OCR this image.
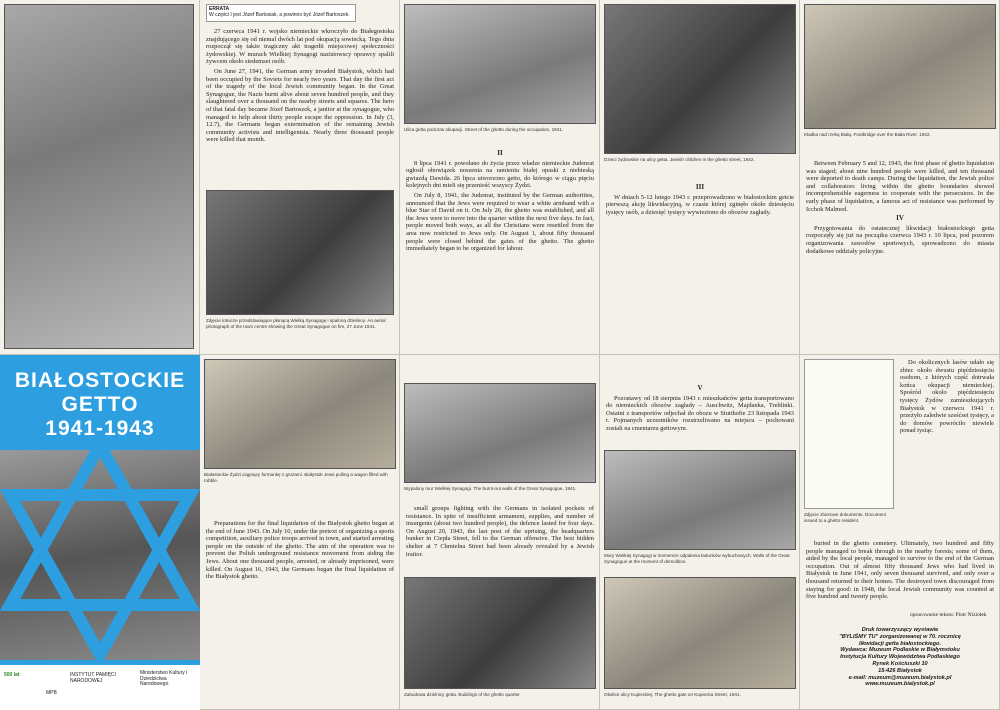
BIAŁOSTOCKIE
GETTO
1941-1943
500 lat	INSTYTUT PAMIĘCI NARODOWEJ
Ministerstwo Kultury i Dziedzictwa Narodowego
MPB

27 czerwca 1941 r. wojsko niemieckie wkroczyło do Białegostoku znajdującego się od niemal dwóch lat pod okupacją sowiecką. Tego dnia rozpoczął się także tragiczny akt tragedii miejscowej społeczności żydowskiej. W murach Wielkiej Synagogi nazistowscy oprawcy spalili żywcem około siedemset osób.

On June 27, 1941, the German army invaded Białystok, which had been occupied by the Soviets for nearly two years. That day the first act of the tragedy of the local Jewish community began. In the Great Synagogue, the Nazis burnt alive about seven hundred people, and they slaughtered over a thousand on the nearby streets and squares. The hero of that fatal day became Józef Bartoszek, a janitor at the synagogue, who managed to help about thirty people escape the oppression. In July (3, 12.7), the Germans began extermination of the remaining Jewish community activists and intelligentsia. Nearly three thousand people were killed that month.

Zdjęcie lotnicze przedstawiające płonącą Wielką Synagogę i spaloną dzielnicę. An aerial photograph of the town centre showing the Great Synagogue on fire, 27 June 1941.
ERRATA
W części I jest Józef Bartosiak, a powinno być Józef Bartoszek.
Ulica getta podczas okupacji. Street of the ghetto during the occupation, 1941.
II

8 lipca 1941 r. powołano do życia przez władze niemieckie Judenrat ogłosił obowiązek noszenia na ramieniu białej opaski z niebieską gwiazdą Dawida. 26 lipca utworzono getto, do którego w ciągu pięciu kolejnych dni mieli się przenieść wszyscy Żydzi.

On July 8, 1941, the Judenrat, instituted by the German authorities, announced that the Jews were required to wear a white armband with a blue Star of David on it. On July 26, the ghetto was established, and all the Jews were to move into the quarter within the next five days. In fact, people moved both ways, as all the Christians were resettled from the area now restricted to Jews only. On August 1, about fifty thousand people were closed behind the gates of the ghetto. The ghetto immediately began to be organized for labour.

Dzieci żydowskie na ulicy getta. Jewish children in the ghetto street, 1942.
III

W dniach 5-12 lutego 1943 r. przeprowadzono w białostockim getcie pierwszą akcję likwidacyjną, w czasie której zginęło około dziesięciu tysięcy osób, a dziesięć tysięcy wywieziono do obozów zagłady.

Kładka nad rzeką Białą. Footbridge over the Biała River, 1942.

Between February 5 and 12, 1943, the first phase of ghetto liquidation was staged; about nine hundred people were killed, and ten thousand were deported to death camps. During the liquidation, the Jewish police and collaborators living within the ghetto boundaries showed incomprehensible eagerness to cooperate with the persecutors. In the early phase of liquidation, a famous act of resistance was performed by Icchok Malmed.

IV

Przygotowania do ostatecznej likwidacji białostockiego getta rozpoczęły się już na początku czerwca 1943 r. 10 lipca, pod pozorem organizowania zawodów sportowych, sprowadzono do miasta dodatkowe oddziały policyjne.

Białostockie Żydzi ciągnący furmankę z gruzami. Białystok Jews pulling a wagon filled with rubble.

Preparations for the final liquidation of the Białystok ghetto began at the end of June 1943. On July 10, under the pretext of organizing a sports competition, auxiliary police troops arrived in town, and started arresting people on the outside of the ghetto. The aim of the operation was to prevent the Polish underground resistance movement from aiding the Jews. About one thousand people, arrested, or already imprisoned, were killed. On August 16, 1943, the Germans began the final liquidation of the Białystok ghetto.

Wypalony mur Wielkiej Synagogi. The burnt-out walls of the Great Synagogue, 1941.

small groups fighting with the Germans in isolated pockets of resistance. In spite of insufficient armament, supplies, and number of insurgents (about two hundred people), the defence lasted for four days. On August 20, 1943, the last post of the uprising, the headquarters bunker in Ciepła Street, fell to the German offensive. The best hidden shelter at 7 Chmielna Street had been already revealed by a Jewish traitor.

Zabudowa dzielnicy getta. Buildings of the ghetto quarter.
V

Pozostawy od 18 sierpnia 1943 r. mieszkańców getta transportowano do niemieckich obozów zagłady – Auschwitz, Majdanka, Treblinki. Ostatni z transportów odjechał do obozu w Stutthofie 23 listopada 1943 r. Pojmanych uczestników rozstrzeliwano na miejscu – pochowani zostali na cmentarzu gettowym.

Mury Wielkiej Synagogi w momencie odpalenia ładunków wybuchowych. Walls of the Great Synagogue at the moment of demolition.
Okolice ulicy Kupieckiej. The ghetto gate on Kupiecka Street, 1941.
Zdjęcie zbiorowe dokumentu. Document issued to a ghetto resident.

Do okolicznych lasów udało się zbiec około dwustu pięćdziesięciu osobom, z których część dotrwała końca okupacji niemieckiej. Spośród około pięćdziesięciu tysięcy Żydów zamieszkujących Białystok w czerwcu 1941 r. przeżyło zaledwie sześćset tysięcy, a do domów powróciło niewiele ponad tysiąc.

buried in the ghetto cemetery. Ultimately, two hundred and fifty people managed to break through to the nearby forests; some of them, aided by the local people, managed to survive to the end of the German occupation. Out of almost fifty thousand Jews who had lived in Białystok in June 1941, only seven thousand survived, and only over a thousand returned to their homes. The destroyed town discouraged from staying for good: in 1948, the local Jewish community was counted at five hundred and twenty people.

opracowanie tekstu: Piotr Niziołek
Druk towarzyszący wystawie
"BYLIŚMY TU" zorganizowanej w 70. rocznicę
likwidacji getta białostockiego.
Wydawca: Muzeum Podlaskie w Białymstoku
Instytucja Kultury Województwa Podlaskiego
Rynek Kościuszki 10
15-426 Białystok
e-mail: muzeum@muzeum.bialystok.pl
www.muzeum.bialystok.pl
